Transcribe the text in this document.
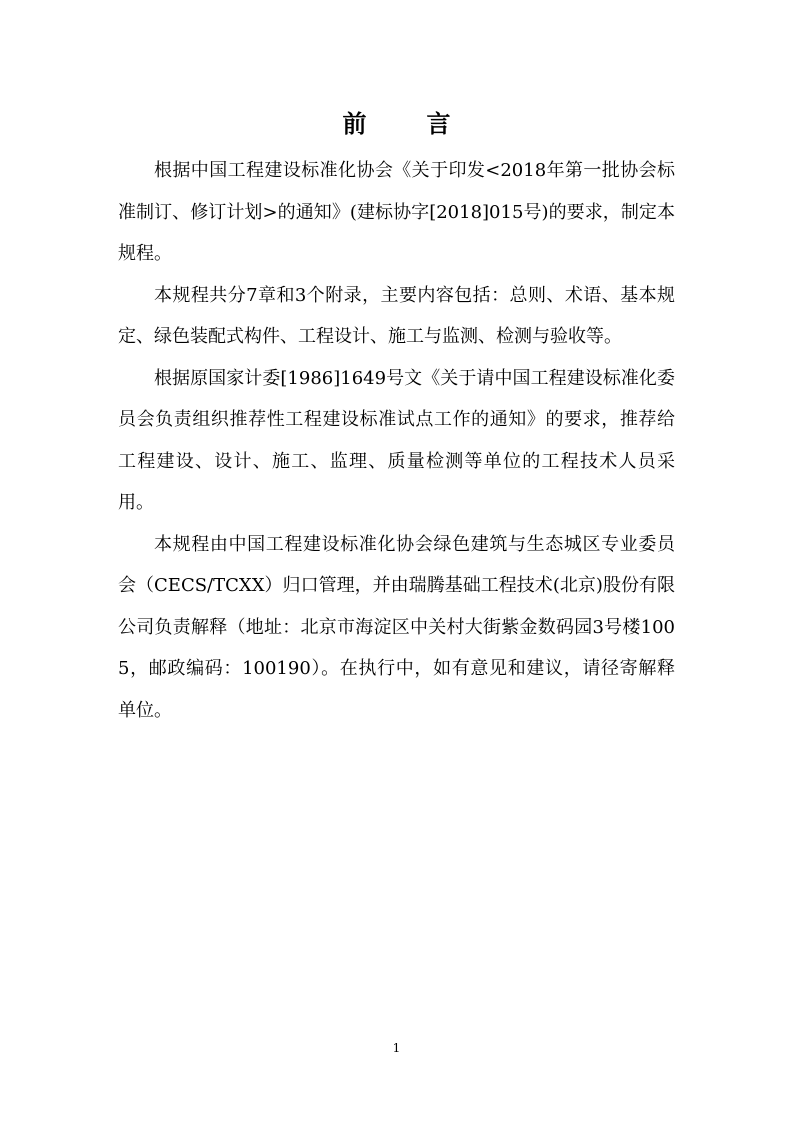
前言

根据中国工程建设标准化协会《关于印发<2018年第一批协会标准制订、修订计划>的通知》(建标协字[2018]015号)的要求，制定本规程。

本规程共分7章和3个附录，主要内容包括：总则、术语、基本规定、绿色装配式构件、工程设计、施工与监测、检测与验收等。

根据原国家计委[1986]1649号文《关于请中国工程建设标准化委员会负责组织推荐性工程建设标准试点工作的通知》的要求，推荐给工程建设、设计、施工、监理、质量检测等单位的工程技术人员采用。

本规程由中国工程建设标准化协会绿色建筑与生态城区专业委员会（CECS/TCXX）归口管理，并由瑞腾基础工程技术(北京)股份有限公司负责解释（地址：北京市海淀区中关村大街紫金数码园3号楼1005，邮政编码：100190）。在执行中，如有意见和建议，请径寄解释单位。

1
